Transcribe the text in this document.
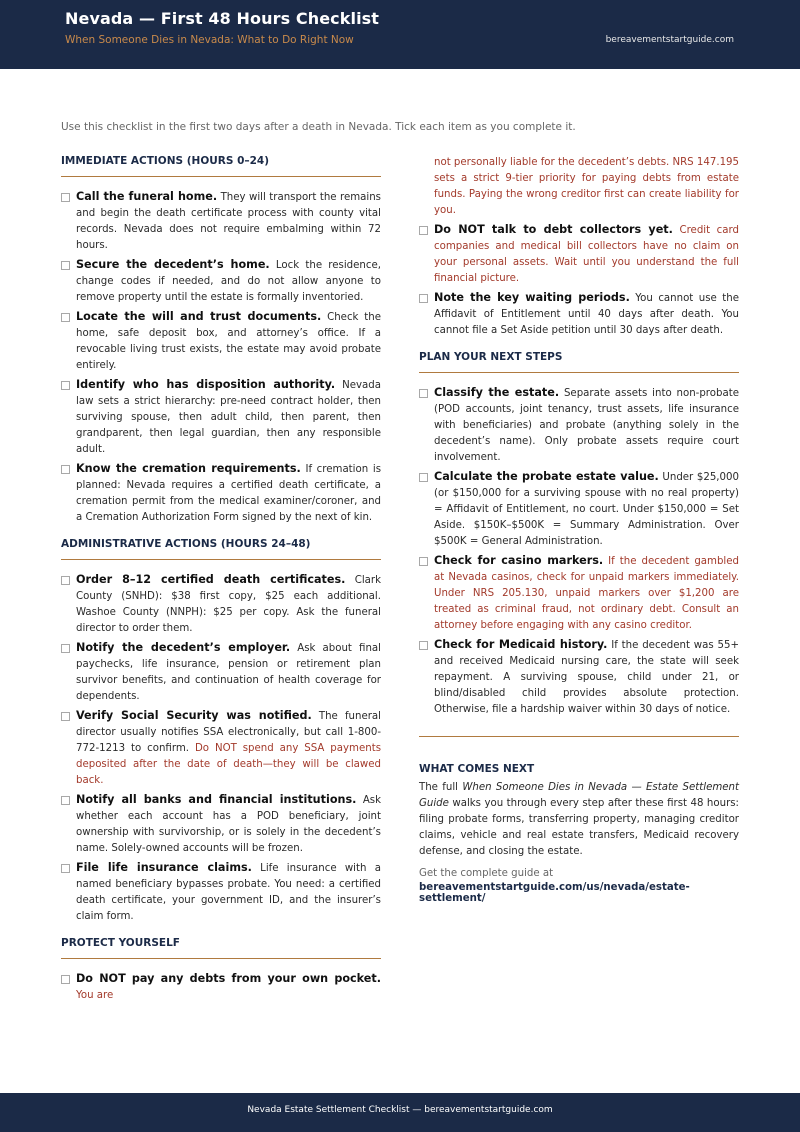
Nevada — First 48 Hours Checklist
When Someone Dies in Nevada: What to Do Right Now	bereavementstartguide.com
Use this checklist in the first two days after a death in Nevada. Tick each item as you complete it.
IMMEDIATE ACTIONS (HOURS 0–24)
Call the funeral home. They will transport the remains and begin the death certificate process with county vital records. Nevada does not require embalming within 72 hours.
Secure the decedent’s home. Lock the residence, change codes if needed, and do not allow anyone to remove property until the estate is formally inventoried.
Locate the will and trust documents. Check the home, safe deposit box, and attorney’s office. If a revocable living trust exists, the estate may avoid probate entirely.
Identify who has disposition authority. Nevada law sets a strict hierarchy: pre-need contract holder, then surviving spouse, then adult child, then parent, then grandparent, then legal guardian, then any responsible adult.
Know the cremation requirements. If cremation is planned: Nevada requires a certified death certificate, a cremation permit from the medical examiner/coroner, and a Cremation Authorization Form signed by the next of kin.
ADMINISTRATIVE ACTIONS (HOURS 24–48)
Order 8–12 certified death certificates. Clark County (SNHD): $38 first copy, $25 each additional. Washoe County (NNPH): $25 per copy. Ask the funeral director to order them.
Notify the decedent’s employer. Ask about final paychecks, life insurance, pension or retirement plan survivor benefits, and continuation of health coverage for dependents.
Verify Social Security was notified. The funeral director usually notifies SSA electronically, but call 1-800-772-1213 to confirm. Do NOT spend any SSA payments deposited after the date of death—they will be clawed back.
Notify all banks and financial institutions. Ask whether each account has a POD beneficiary, joint ownership with survivorship, or is solely in the decedent’s name. Solely-owned accounts will be frozen.
File life insurance claims. Life insurance with a named beneficiary bypasses probate. You need: a certified death certificate, your government ID, and the insurer’s claim form.
PROTECT YOURSELF
Do NOT pay any debts from your own pocket. You are
not personally liable for the decedent’s debts. NRS 147.195 sets a strict 9-tier priority for paying debts from estate funds. Paying the wrong creditor first can create liability for you.
Do NOT talk to debt collectors yet. Credit card companies and medical bill collectors have no claim on your personal assets. Wait until you understand the full financial picture.
Note the key waiting periods. You cannot use the Affidavit of Entitlement until 40 days after death. You cannot file a Set Aside petition until 30 days after death.
PLAN YOUR NEXT STEPS
Classify the estate. Separate assets into non-probate (POD accounts, joint tenancy, trust assets, life insurance with beneficiaries) and probate (anything solely in the decedent’s name). Only probate assets require court involvement.
Calculate the probate estate value. Under $25,000 (or $150,000 for a surviving spouse with no real property) = Affidavit of Entitlement, no court. Under $150,000 = Set Aside. $150K–$500K = Summary Administration. Over $500K = General Administration.
Check for casino markers. If the decedent gambled at Nevada casinos, check for unpaid markers immediately. Under NRS 205.130, unpaid markers over $1,200 are treated as criminal fraud, not ordinary debt. Consult an attorney before engaging with any casino creditor.
Check for Medicaid history. If the decedent was 55+ and received Medicaid nursing care, the state will seek repayment. A surviving spouse, child under 21, or blind/disabled child provides absolute protection. Otherwise, file a hardship waiver within 30 days of notice.
WHAT COMES NEXT
The full When Someone Dies in Nevada — Estate Settlement Guide walks you through every step after these first 48 hours: filing probate forms, transferring property, managing creditor claims, vehicle and real estate transfers, Medicaid recovery defense, and closing the estate.
Get the complete guide at
bereavementstartguide.com/us/nevada/estate-settlement/
Nevada Estate Settlement Checklist — bereavementstartguide.com
